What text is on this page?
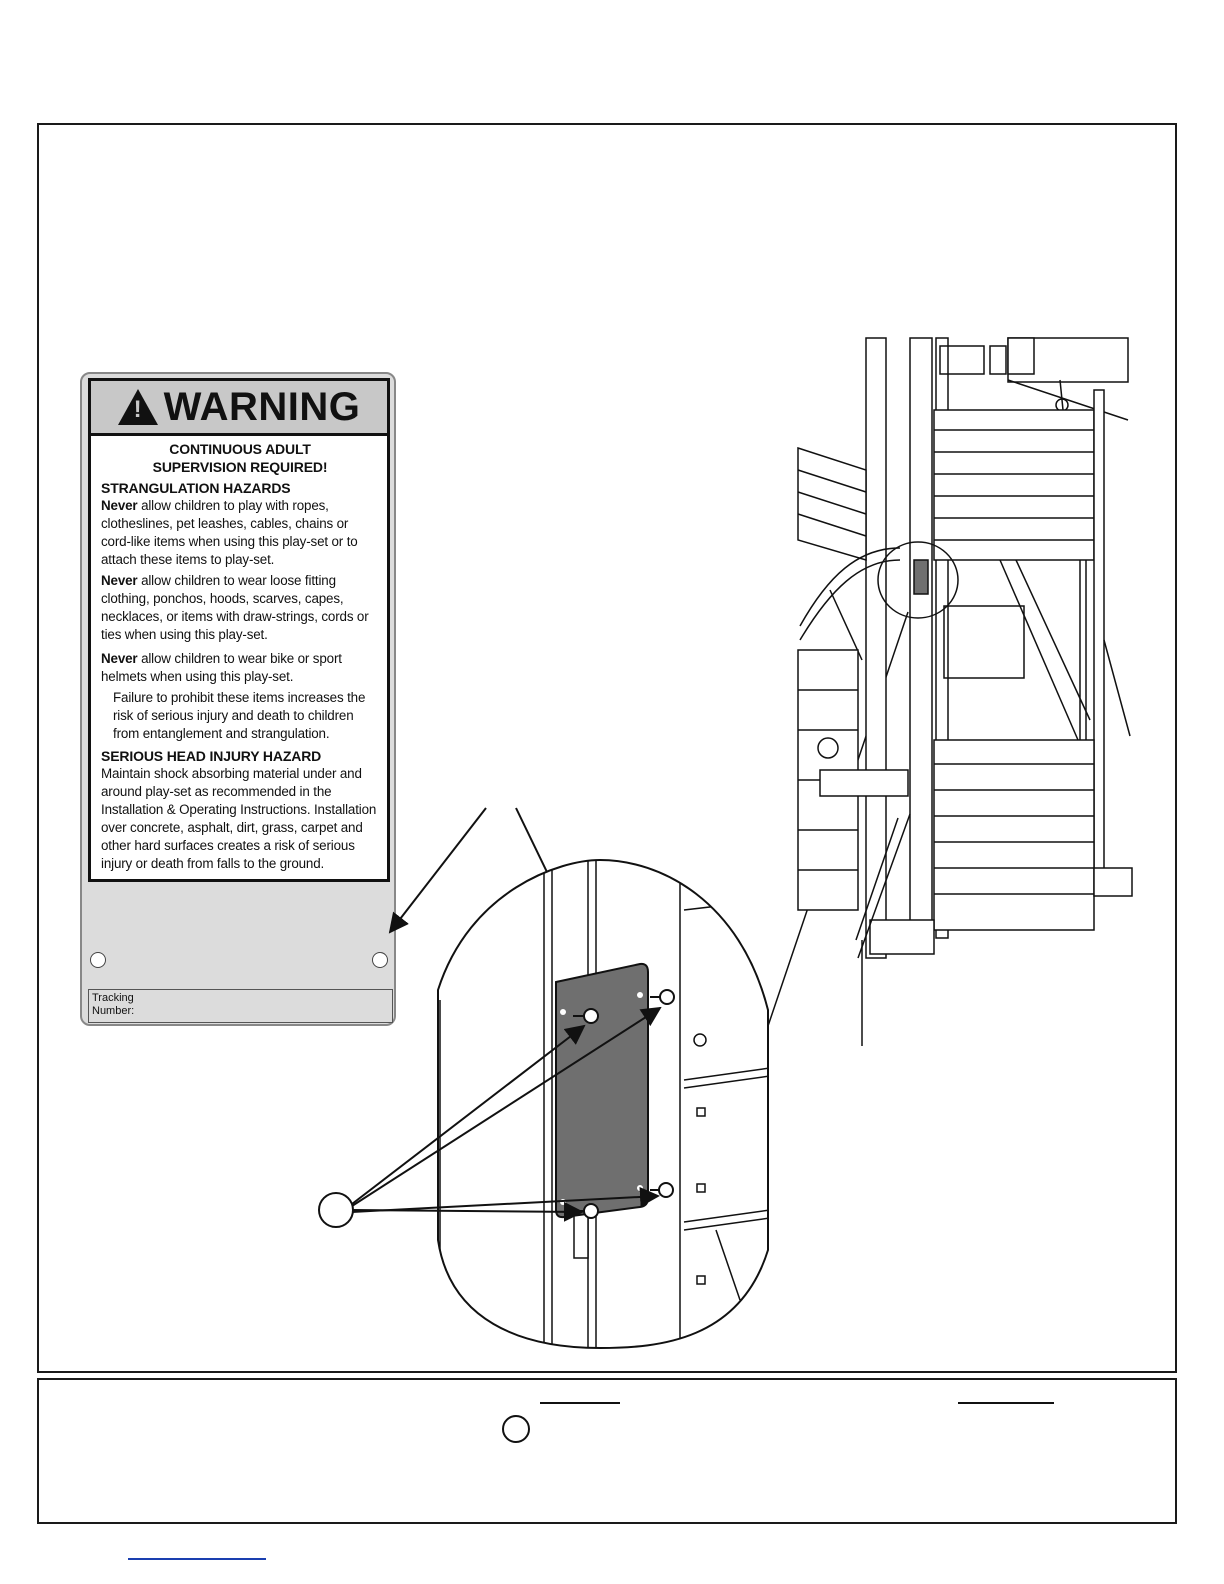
! WARNING
CONTINUOUS ADULT
SUPERVISION REQUIRED!
STRANGULATION HAZARDS

Never allow children to play with ropes, clotheslines, pet leashes, cables, chains or cord-like items when using this play-set or to attach these items to play-set.

Never allow children to wear loose fitting clothing, ponchos, hoods, scarves, capes, necklaces, or items with draw-strings, cords or ties when using this play-set.

Never allow children to wear bike or sport helmets when using this play-set.

Failure to prohibit these items increases the risk of serious injury and death to children from entanglement and strangulation.

SERIOUS HEAD INJURY HAZARD

Maintain shock absorbing material under and around play-set as recommended in the Installation & Operating Instructions. Installation over concrete, asphalt, dirt, grass, carpet and other hard surfaces creates a risk of serious injury or death from falls to the ground.

Tracking
Number:
